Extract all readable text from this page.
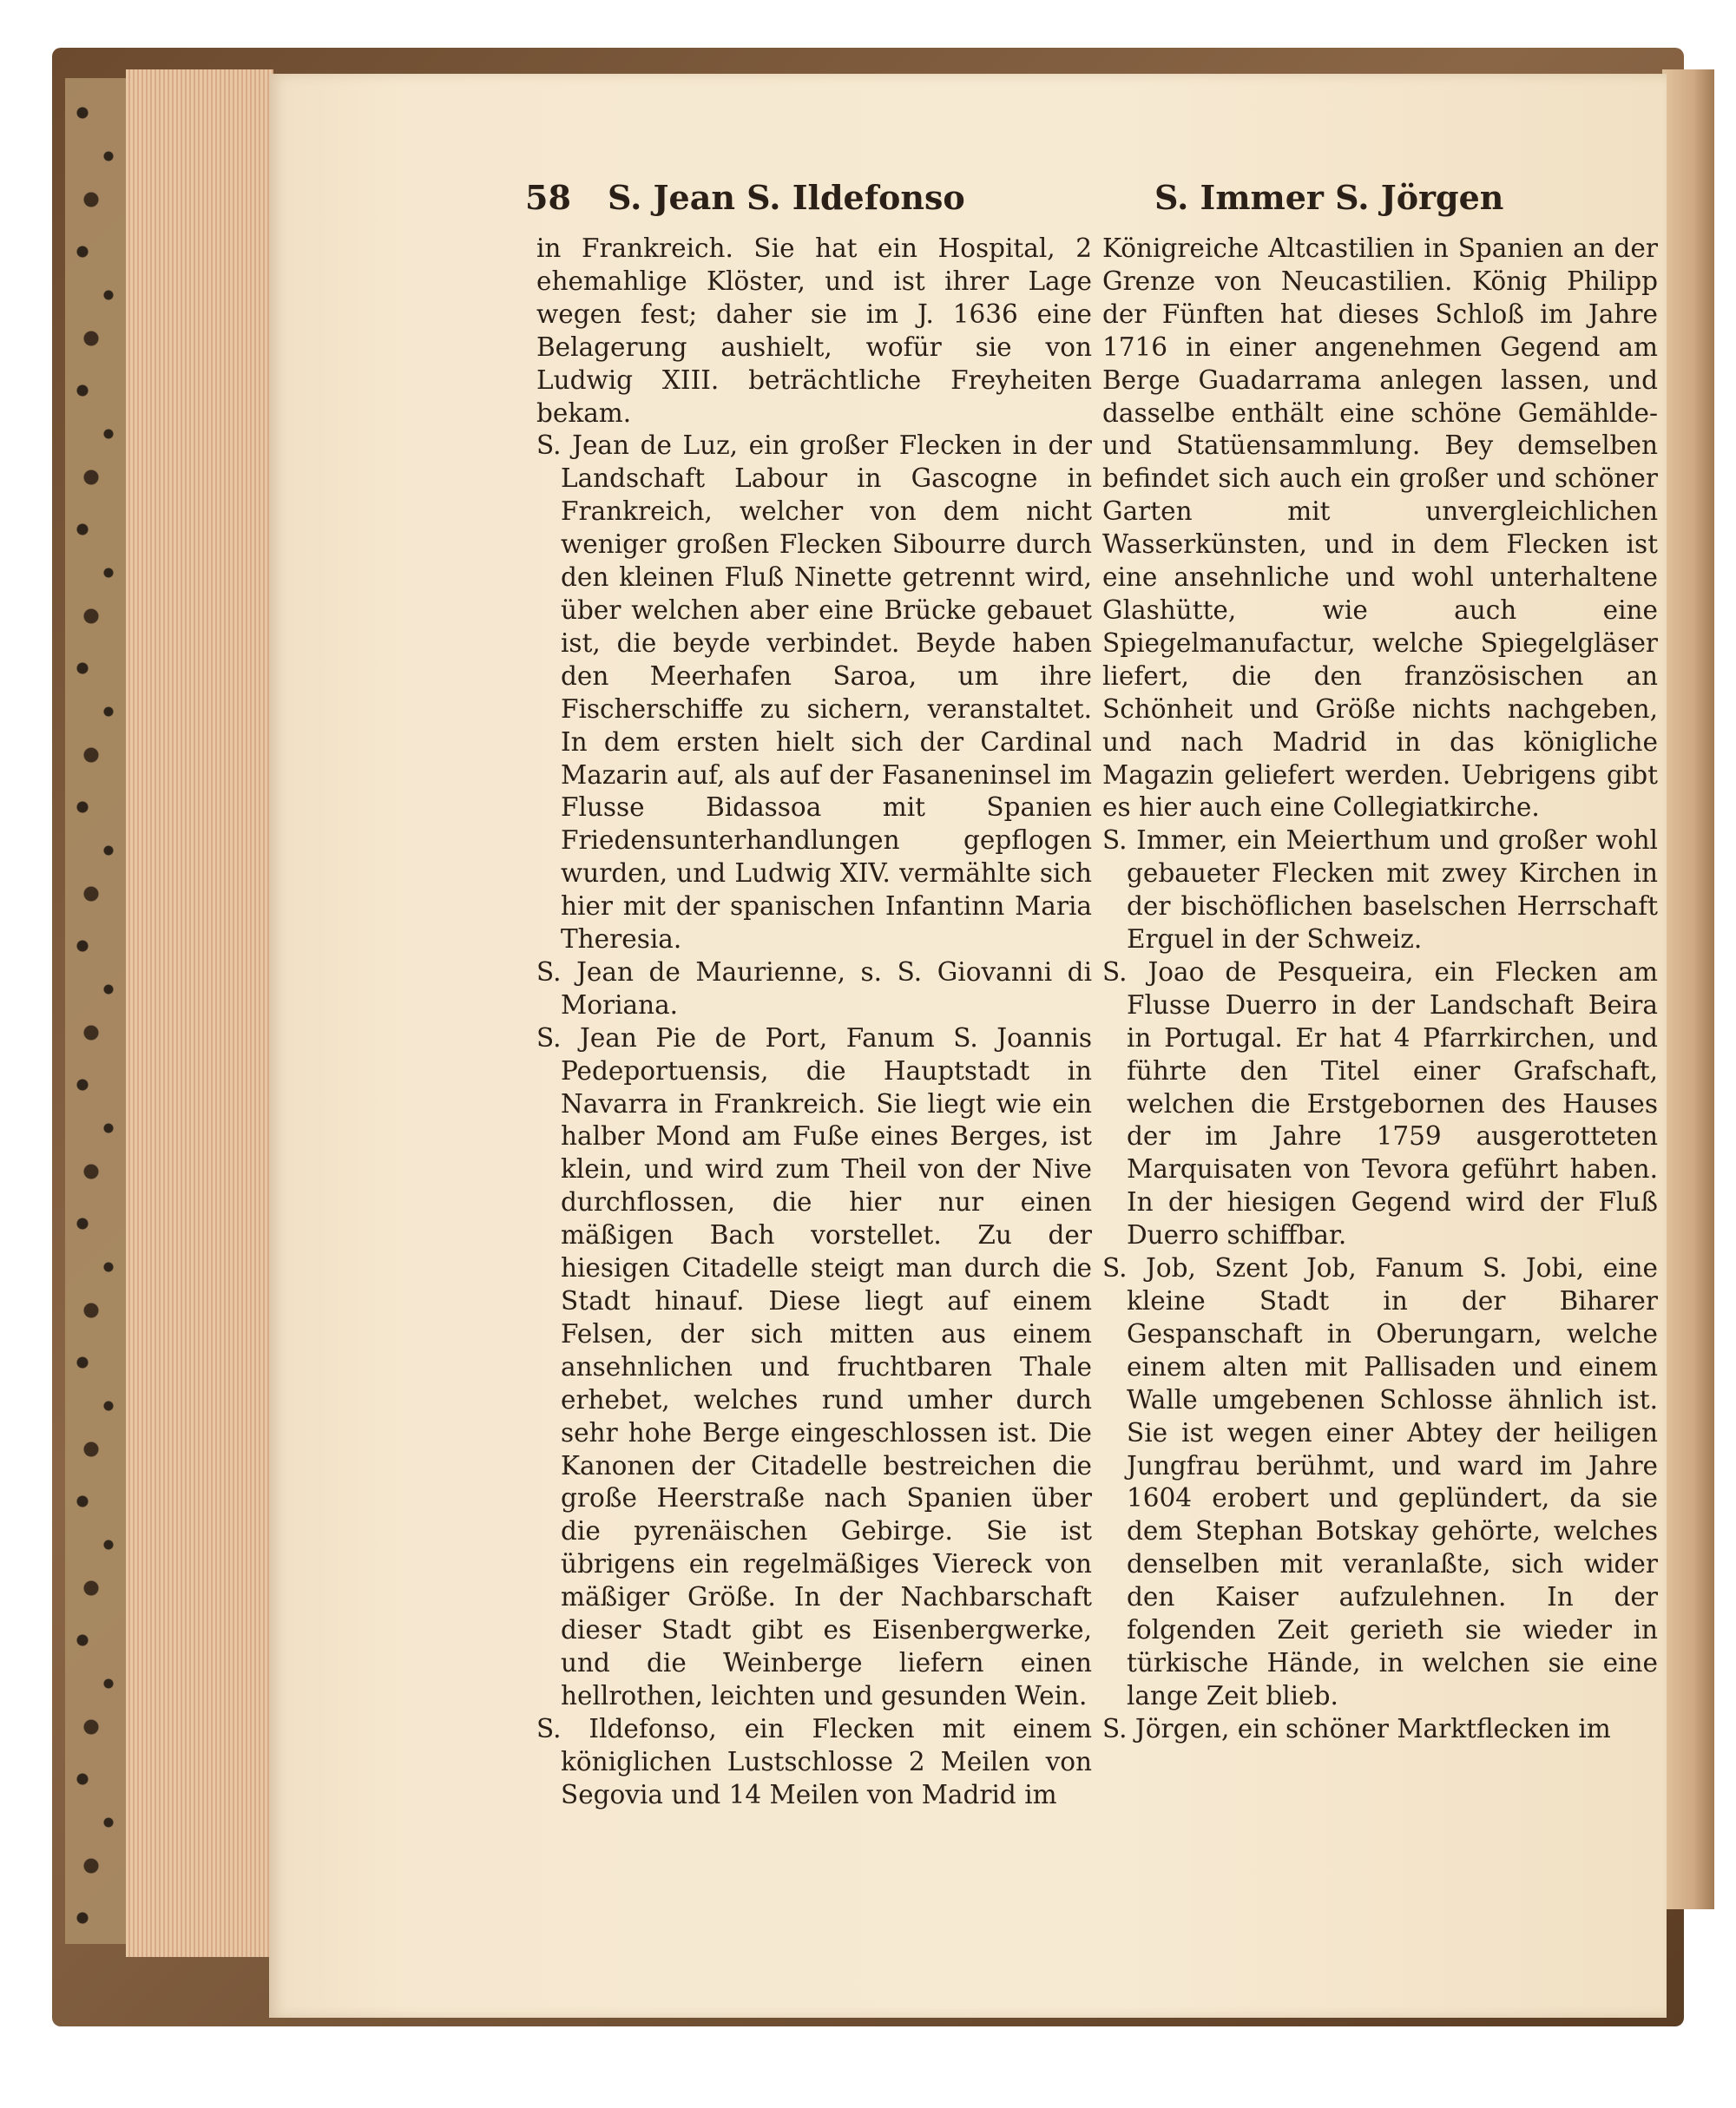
58 S. Jean S. Ildefonso	S. Immer S. Jörgen

in Frankreich. Sie hat ein Hospital, 2 ehemahlige Klöster, und ist ihrer Lage wegen fest; daher sie im J. 1636 eine Belagerung aushielt, wofür sie von Ludwig XIII. beträchtliche Freyheiten bekam.

S. Jean de Luz, ein großer Flecken in der Landschaft Labour in Gascogne in Frankreich, welcher von dem nicht weniger großen Flecken Sibourre durch den kleinen Fluß Ninette getrennt wird, über welchen aber eine Brücke gebauet ist, die beyde verbindet. Beyde haben den Meerhafen Saroa, um ihre Fischerschiffe zu sichern, veranstaltet. In dem ersten hielt sich der Cardinal Mazarin auf, als auf der Fasaneninsel im Flusse Bidassoa mit Spanien Friedensunterhandlungen gepflogen wurden, und Ludwig XIV. vermählte sich hier mit der spanischen Infantinn Maria Theresia.

S. Jean de Maurienne, s. S. Giovanni di Moriana.

S. Jean Pie de Port, Fanum S. Joannis Pedeportuensis, die Hauptstadt in Navarra in Frankreich. Sie liegt wie ein halber Mond am Fuße eines Berges, ist klein, und wird zum Theil von der Nive durchflossen, die hier nur einen mäßigen Bach vorstellet. Zu der hiesigen Citadelle steigt man durch die Stadt hinauf. Diese liegt auf einem Felsen, der sich mitten aus einem ansehnlichen und fruchtbaren Thale erhebet, welches rund umher durch sehr hohe Berge eingeschlossen ist. Die Kanonen der Citadelle bestreichen die große Heerstraße nach Spanien über die pyrenäischen Gebirge. Sie ist übrigens ein regelmäßiges Viereck von mäßiger Größe. In der Nachbarschaft dieser Stadt gibt es Eisenbergwerke, und die Weinberge liefern einen hellrothen, leichten und gesunden Wein.

S. Ildefonso, ein Flecken mit einem königlichen Lustschlosse 2 Meilen von Segovia und 14 Meilen von Madrid im

Königreiche Altcastilien in Spanien an der Grenze von Neucastilien. König Philipp der Fünften hat dieses Schloß im Jahre 1716 in einer angenehmen Gegend am Berge Guadarrama anlegen lassen, und dasselbe enthält eine schöne Gemählde- und Statüensammlung. Bey demselben befindet sich auch ein großer und schöner Garten mit unvergleichlichen Wasserkünsten, und in dem Flecken ist eine ansehnliche und wohl unterhaltene Glashütte, wie auch eine Spiegelmanufactur, welche Spiegelgläser liefert, die den französischen an Schönheit und Größe nichts nachgeben, und nach Madrid in das königliche Magazin geliefert werden. Uebrigens gibt es hier auch eine Collegiatkirche.

S. Immer, ein Meierthum und großer wohl gebaueter Flecken mit zwey Kirchen in der bischöflichen baselschen Herrschaft Erguel in der Schweiz.

S. Joao de Pesqueira, ein Flecken am Flusse Duerro in der Landschaft Beira in Portugal. Er hat 4 Pfarrkirchen, und führte den Titel einer Grafschaft, welchen die Erstgebornen des Hauses der im Jahre 1759 ausgerotteten Marquisaten von Tevora geführt haben. In der hiesigen Gegend wird der Fluß Duerro schiffbar.

S. Job, Szent Job, Fanum S. Jobi, eine kleine Stadt in der Biharer Gespanschaft in Oberungarn, welche einem alten mit Pallisaden und einem Walle umgebenen Schlosse ähnlich ist. Sie ist wegen einer Abtey der heiligen Jungfrau berühmt, und ward im Jahre 1604 erobert und geplündert, da sie dem Stephan Botskay gehörte, welches denselben mit veranlaßte, sich wider den Kaiser aufzulehnen. In der folgenden Zeit gerieth sie wieder in türkische Hände, in welchen sie eine lange Zeit blieb.

S. Jörgen, ein schöner Marktflecken im
